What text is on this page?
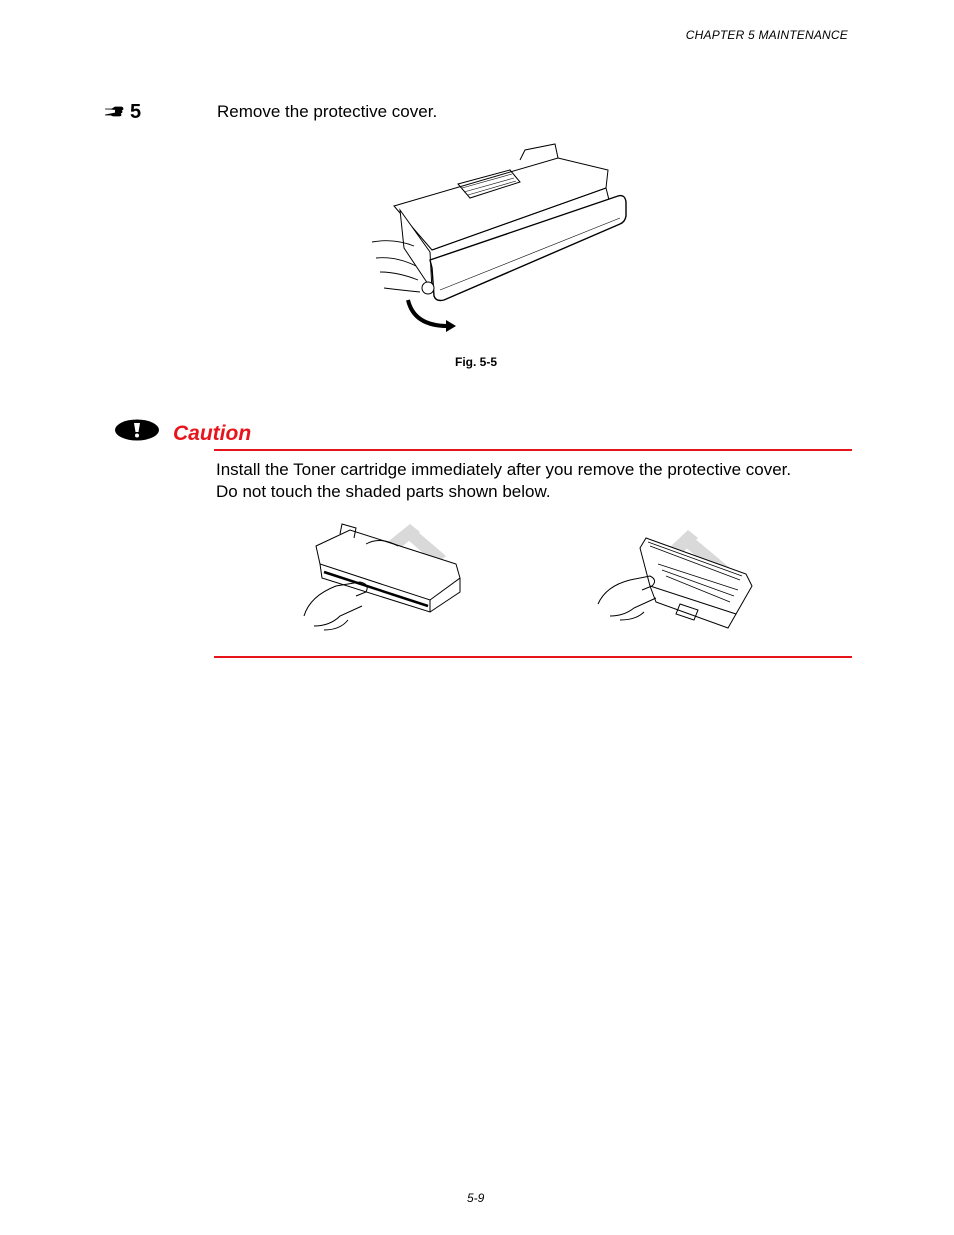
CHAPTER 5 MAINTENANCE
5	Remove the protective cover.
Fig. 5-5
Caution

Install the Toner cartridge immediately after you remove the protective cover.

Do not touch the shaded parts shown below.

5-9
